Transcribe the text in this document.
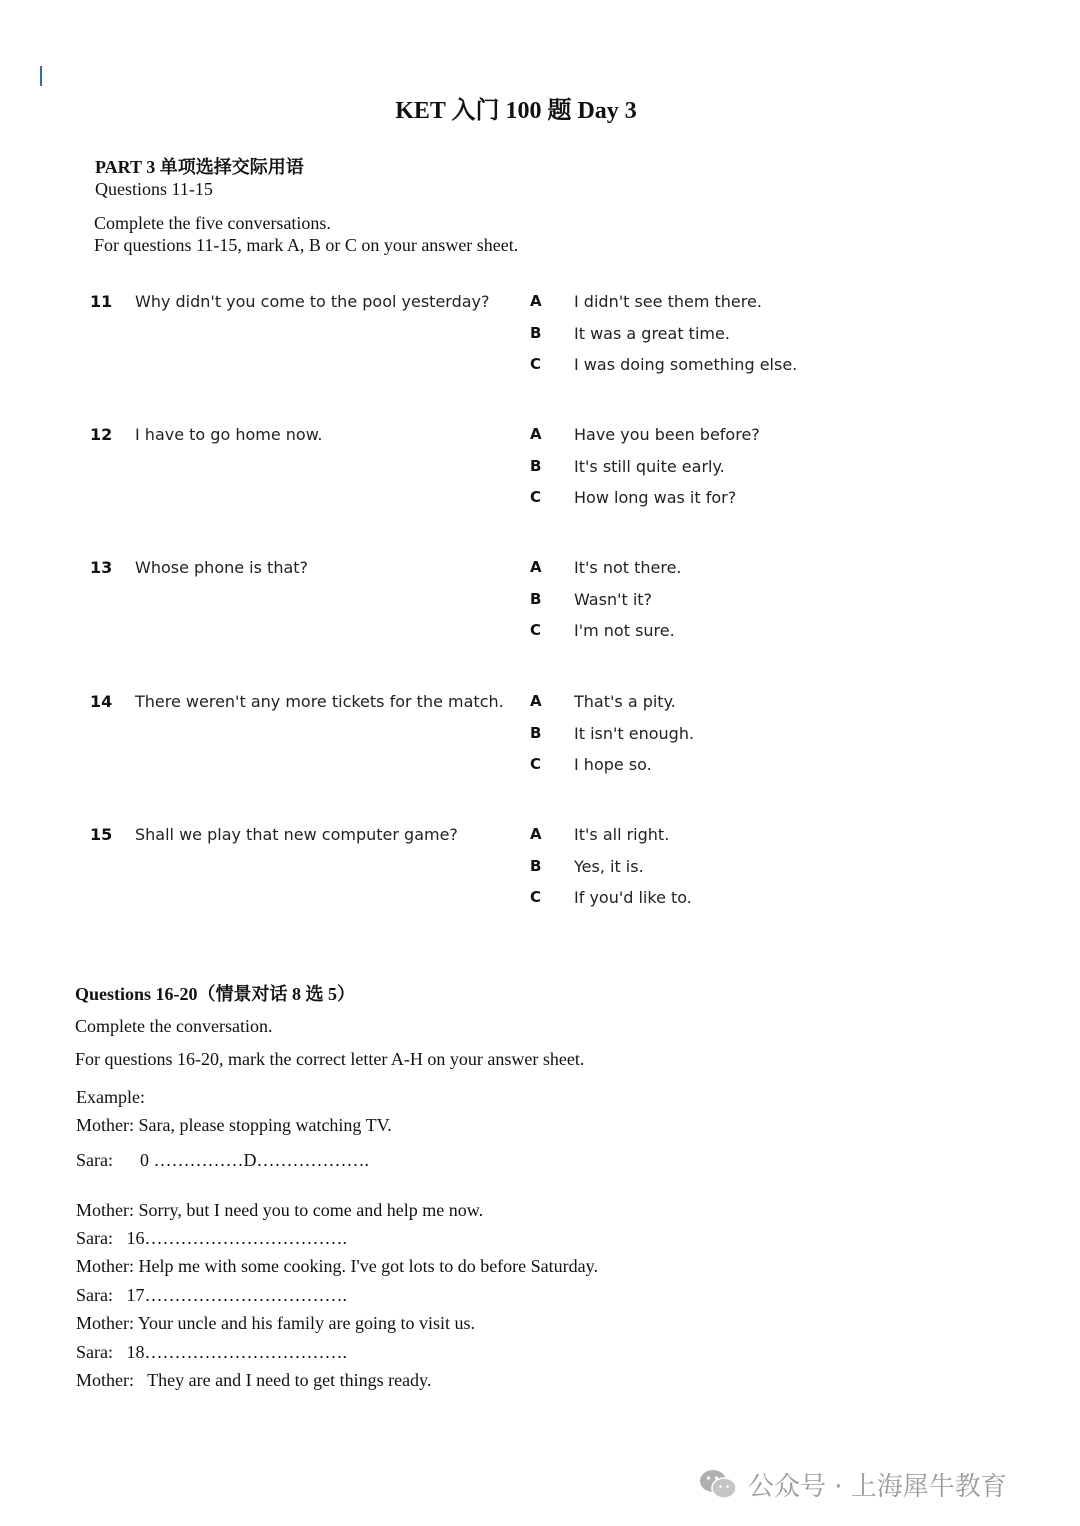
KET 入门 100 题 Day 3
PART 3 单项选择交际用语
Questions 11-15
Complete the five conversations.
For questions 11-15, mark A, B or C on your answer sheet.
11 Why didn't you come to the pool yesterday?	A I didn't see them there.
B It was a great time.
C I was doing something else.
12 I have to go home now.	A Have you been before?
B It's still quite early.
C How long was it for?
13 Whose phone is that?	A It's not there.
B Wasn't it?
C I'm not sure.
14 There weren't any more tickets for the match. A That's a pity.
B It isn't enough.
C I hope so.
15 Shall we play that new computer game?	A It's all right.
B Yes, it is.
C If you'd like to.
Questions 16-20（情景对话 8 选 5）
Complete the conversation.
For questions 16-20, mark the correct letter A-H on your answer sheet.
Example:
Mother: Sara, please stopping watching TV.
Sara:      0 ……………D……………….
Mother: Sorry, but I need you to come and help me now.
Sara:   16…………………………….
Mother: Help me with some cooking. I've got lots to do before Saturday.
Sara:   17…………………………….
Mother: Your uncle and his family are going to visit us.
Sara:   18…………………………….
Mother:   They are and I need to get things ready.
公众号 · 上海犀牛教育
